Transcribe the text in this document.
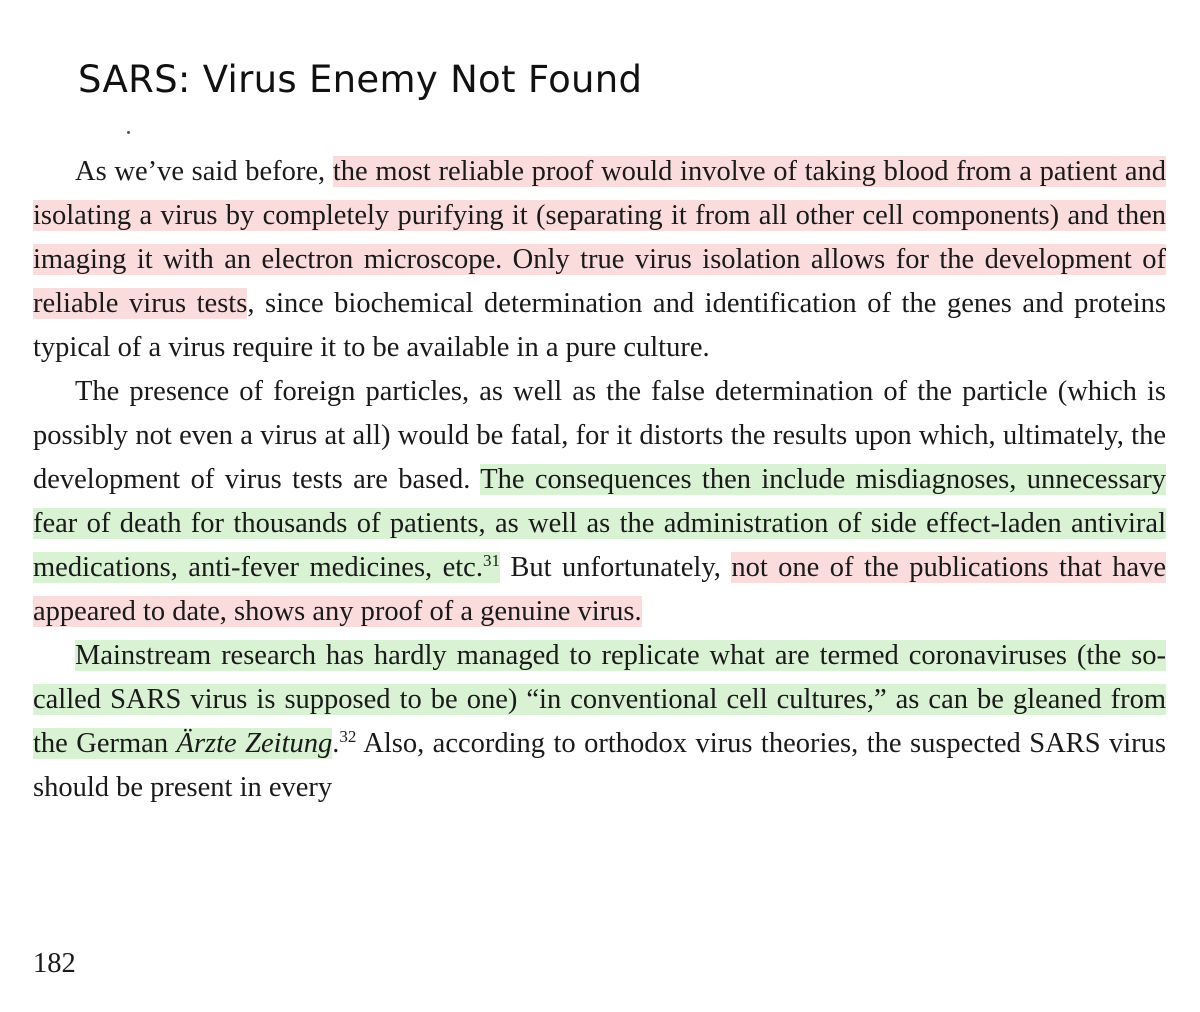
SARS: Virus Enemy Not Found

As we’ve said before, the most reliable proof would involve of taking blood from a patient and isolating a virus by completely purifying it (separating it from all other cell components) and then imaging it with an electron microscope. Only true virus isolation allows for the development of reliable virus tests, since biochemical determination and identification of the genes and proteins typical of a virus require it to be available in a pure culture.

The presence of foreign particles, as well as the false determination of the particle (which is possibly not even a virus at all) would be fatal, for it distorts the results upon which, ultimately, the development of virus tests are based. The consequences then include misdiagnoses, unnecessary fear of death for thousands of patients, as well as the administration of side effect-laden antiviral medications, anti-fever medicines, etc.$^{31}$ But unfortunately, not one of the publications that have appeared to date, shows any proof of a genuine virus.

Mainstream research has hardly managed to replicate what are termed coronaviruses (the so-called SARS virus is supposed to be one) “in conventional cell cultures,” as can be gleaned from the German Ärzte Zeitung.$^{32}$ Also, according to orthodox virus theories, the suspected SARS virus should be present in every

182
